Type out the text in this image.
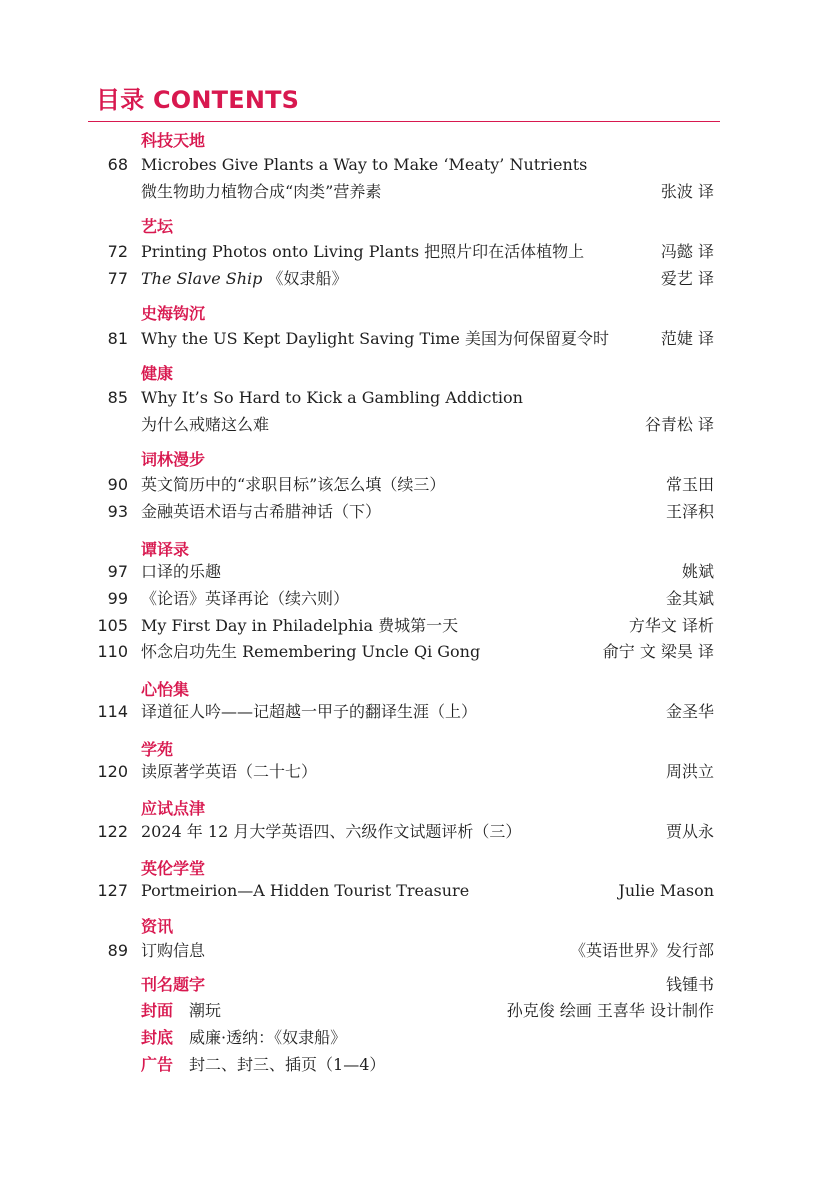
目录 CONTENTS
科技天地
68 Microbes Give Plants a Way to Make ‘Meaty’ Nutrients
微生物助力植物合成“肉类”营养素	张波 译
艺坛
72 Printing Photos onto Living Plants 把照片印在活体植物上	冯懿 译
77 The Slave Ship 《奴隶船》	爱艺 译
史海钩沉
81 Why the US Kept Daylight Saving Time 美国为何保留夏令时	范婕 译
健康
85 Why It’s So Hard to Kick a Gambling Addiction
为什么戒赌这么难	谷青松 译
词林漫步
90 英文简历中的“求职目标”该怎么填（续三）	常玉田
93 金融英语术语与古希腊神话（下）	王泽积
谭译录
97 口译的乐趣	姚斌
99 《论语》英译再论（续六则）	金其斌
105 My First Day in Philadelphia 费城第一天	方华文 译析
110 怀念启功先生 Remembering Uncle Qi Gong	俞宁 文 梁昊 译
心怡集
114 译道征人吟——记超越一甲子的翻译生涯（上）	金圣华
学苑
120 读原著学英语（二十七）	周洪立
应试点津
122 2024 年 12 月大学英语四、六级作文试题评析（三）	贾从永
英伦学堂
127 Portmeirion—A Hidden Tourist Treasure	Julie Mason
资讯
89 订购信息	《英语世界》发行部
刊名题字	钱锺书
封面 潮玩	孙克俊 绘画 王喜华 设计制作
封底 威廉·透纳：《奴隶船》
广告 封二、封三、插页（1—4）
